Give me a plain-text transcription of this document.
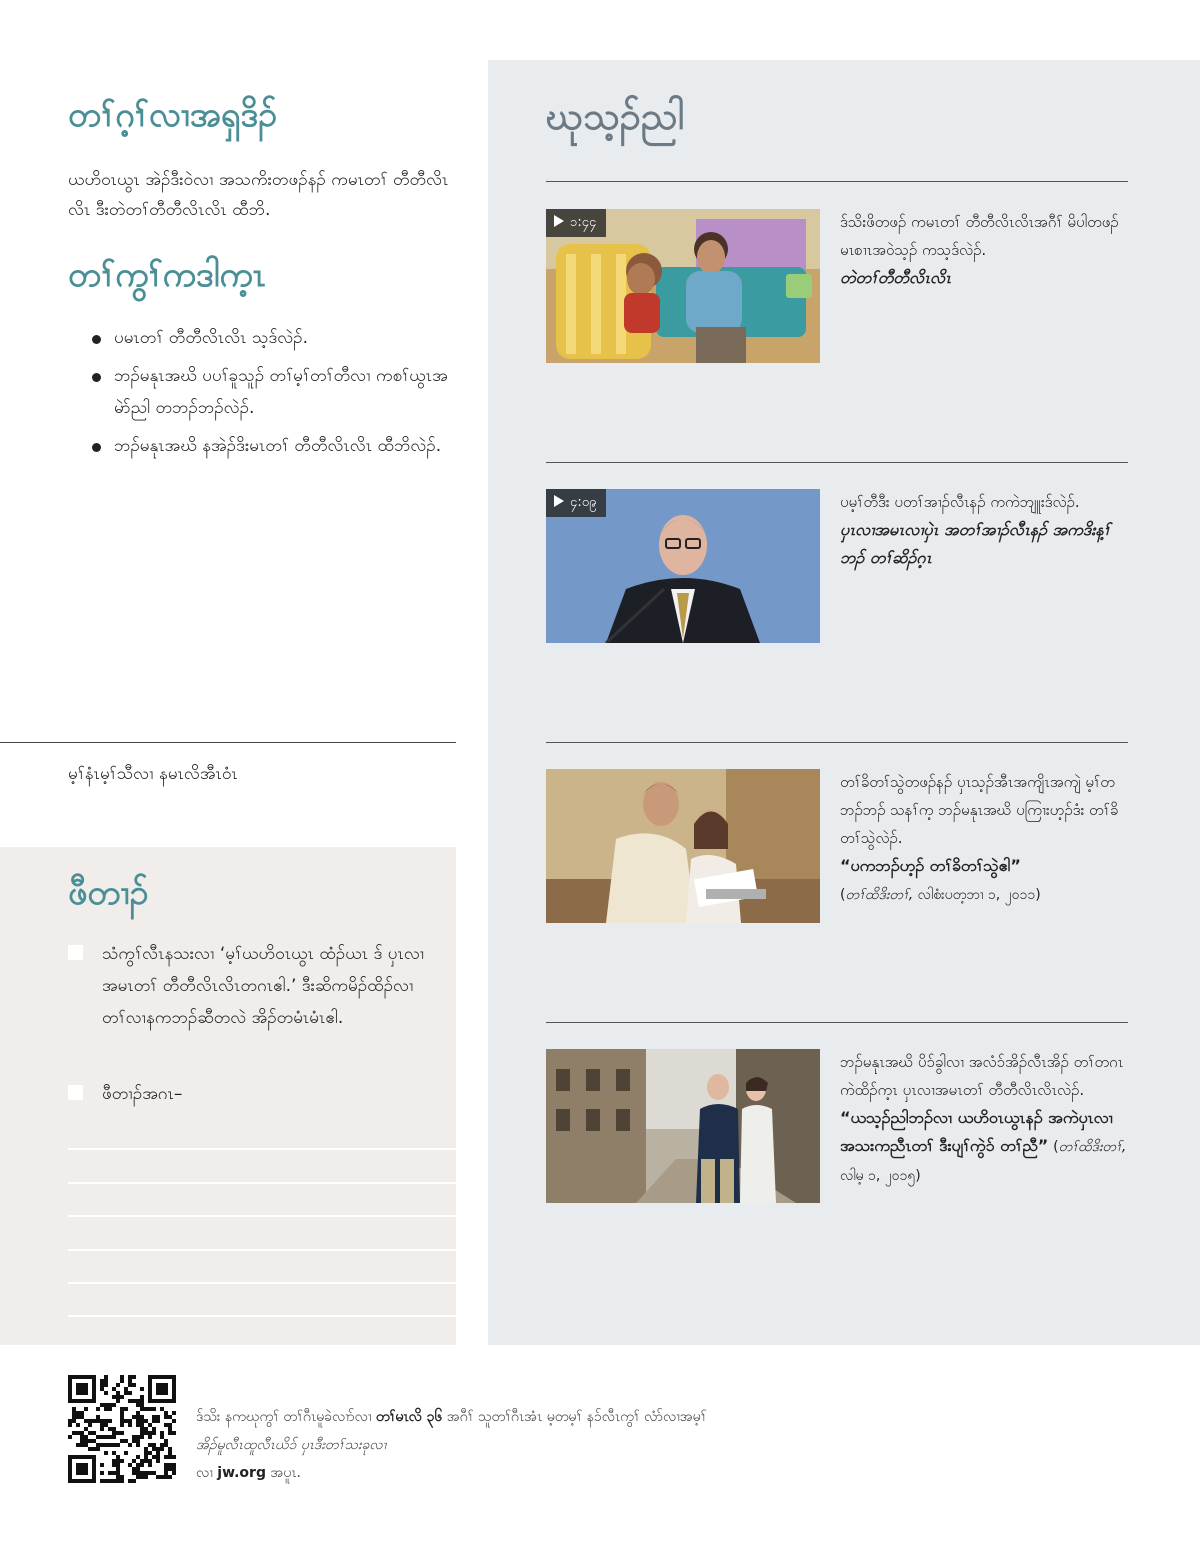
တၢ်ဂ့ၢ်လၢအရှဒိၣ်

ယဟိဝၤယွၤ အဲၣ်ဒီးဝဲလၢ အသကိးတဖၣ်နၣ် ကမၤတၢ် တီတီလိၤလိၤ ဒီးတဲတၢ်တီတီလိၤလိၤ ထီဘိ.

တၢ်ကွၢ်ကဒါက့ၤ
ပမၤတၢ် တီတီလိၤလိၤ သ့ဒ်လဲၣ်.
ဘၣ်မနုၤအဃိ ပပၢ်ခူသူၣ် တၢ်မ့ၢ်တၢ်တီလၢ ကစၢ်ယွၤအမဲာ်ညါ တဘၣ်ဘၣ်လဲၣ်.
ဘၣ်မနုၤအဃိ နအဲၣ်ဒိးမၤတၢ် တီတီလိၤလိၤ ထီဘိလဲၣ်.
မ့ၢ်နံၤမ့ၢ်သီလၢ နမၤလိအီၤဝံၤ
ဖီတၢၣ်
သံကွၢ်လီၤနသးလၢ ‘မ့ၢ်ယဟိဝၤယွၤ ထံၣ်ယၤ ဒ် ပှၤလၢအမၤတၢ် တီတီလိၤလိၤတဂၤဧါ.’ ဒီးဆိကမိၣ်ထိၣ်လၢ တၢ်လၢနကဘၣ်ဆီတလဲ အိၣ်တမံၤမံၤဧါ.
ဖီတၢၣ်အဂၤ–
ဃုသ့ၣ်ညါ
၁:၄၄	ဒ်သိးဖိတဖၣ် ကမၤတၢ် တီတီလိၤလိၤအဂီၢ် မိပါတဖၣ် မၤစၢၤအဝဲသ့ၣ် ကသ့ဒ်လဲၣ်.
တဲတၢ်တီတီလိၤလိၤ
၄:၀၉	ပမ့ၢ်တီဒီး ပတၢ်အၢၣ်လီၤနၣ် ကကဲဘျူးဒ်လဲၣ်.
ပှၤလၢအမၤလၢပှဲၤ အတၢ်အၢၣ်လီၤနၣ် အကဒိးန့ၢ်ဘၣ် တၢ်ဆိၣ်ဂ့ၤ
တၢ်ခိတၢ်သွဲတဖၣ်နၣ် ပှၤသ့ၣ်အီၤအကျိၤအကျဲ မ့ၢ်တဘၣ်ဘၣ် သနၢ်က့ ဘၣ်မနုၤအဃိ ပကြၢးဟ့ၣ်ဒံး တၢ်ခိတၢ်သွဲလဲၣ်.
“ပကဘၣ်ဟ့ၣ် တၢ်ခိတၢ်သွဲဧါ”
(တၢ်ထိဒိးတၢ်, လါစံးပတ့ဘၢ ၁, ၂၀၁၁)
ဘၣ်မနုၤအဃိ ပိၥ်ခွါလၢ အလံၥ်အိၣ်လီၤအိၣ် တၢ်တဂၤ ကဲထိၣ်က့ၤ ပှၤလၢအမၤတၢ် တီတီလိၤလိၤလဲၣ်.
“ယသ့ၣ်ညါဘၣ်လၢ ယဟိဝၤယွၤနၣ် အကဲပှၤလၢ အသးကညီၤတၢ် ဒီးပျၢ်ကွဲၥ် တၢ်ညီ” (တၢ်ထိဒိးတၢ်, လါမ့ ၁, ၂၀၁၅)
ဒ်သိး နကဃုကွၢ် တၢ်ဂီၤမူခဲလၢာ်လၢ တၢ်မၤလိ ၃၆ အဂီၢ် သူတၢ်ဂီၤအံၤ မ့တမ့ၢ် နၥ်လီၤကွၢ် လံာ်လၢအမ့ၢ် အိၣ်မူလီၤထူလီၤယိၥ် ပှၤဒီးတၢ်သးခုလၢ
လၢ jw.org အပူၤ.
